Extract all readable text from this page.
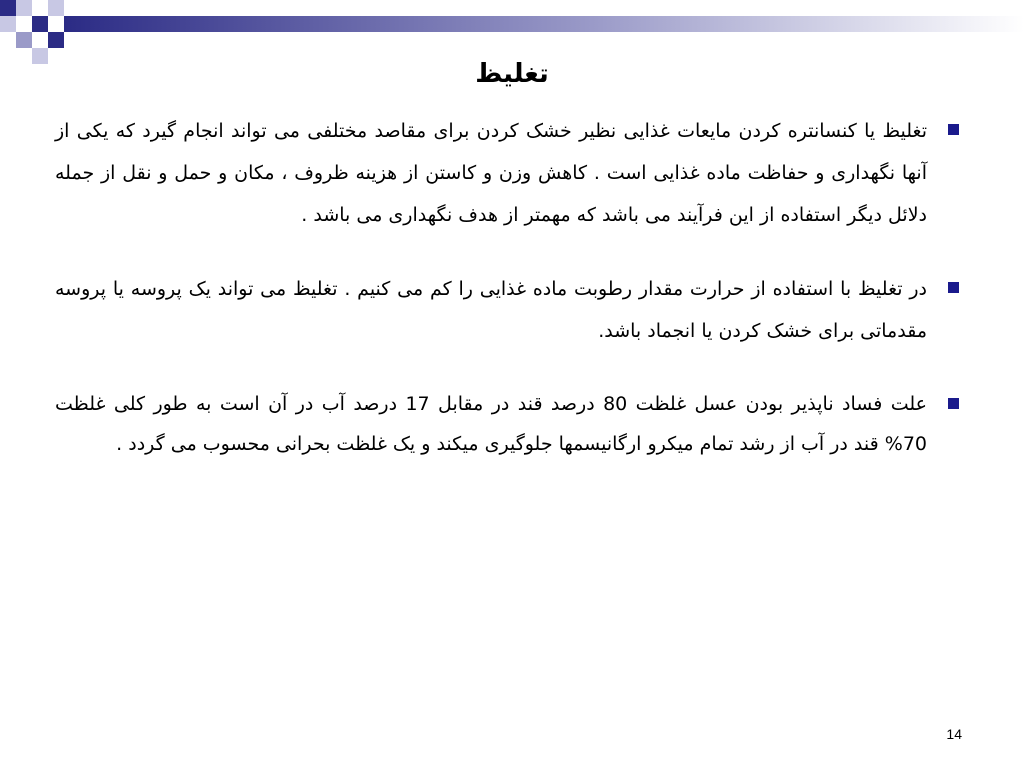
تغلیظ
تغلیظ یا کنسانتره کردن مایعات غذایی نظیر خشک کردن برای مقاصد مختلفی می تواند انجام گیرد که یکی از آنها نگهداری و حفاظت ماده غذایی است . کاهش وزن و کاستن از هزینه ظروف ، مکان و حمل و نقل از جمله دلائل دیگر استفاده از این فرآیند می باشد که مهمتر از هدف نگهداری می باشد .
در تغلیظ با استفاده از حرارت مقدار رطوبت ماده غذایی را کم می کنیم . تغلیظ می تواند یک پروسه یا پروسه مقدماتی برای خشک کردن یا انجماد باشد.
علت فساد ناپذیر بودن عسل غلظت 80 درصد قند در مقابل 17 درصد آب در آن است به طور کلی غلظت 70% قند در آب از رشد تمام میکرو ارگانیسمها جلوگیری میکند و یک غلظت بحرانی محسوب می گردد .
14
